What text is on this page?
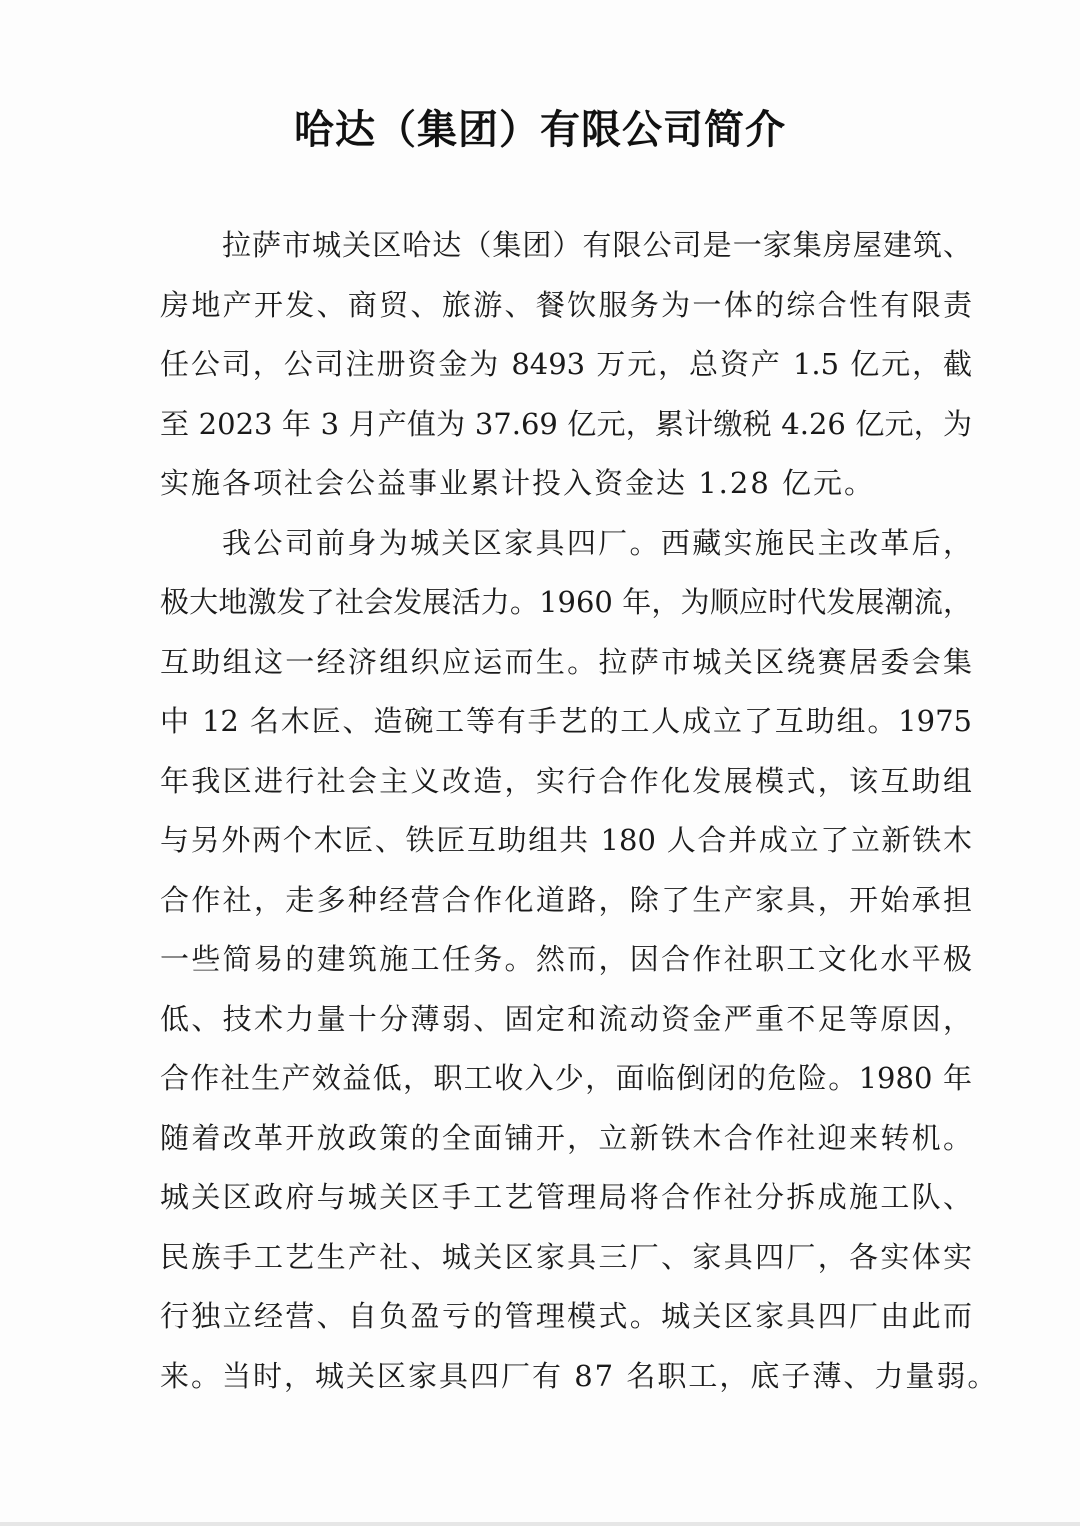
哈达（集团）有限公司简介
拉萨市城关区哈达（集团）有限公司是一家集房屋建筑、
房地产开发、商贸、旅游、餐饮服务为一体的综合性有限责
任公司，公司注册资金为 8493 万元，总资产 1.5 亿元，截
至 2023 年 3 月产值为 37.69 亿元，累计缴税 4.26 亿元，为
实施各项社会公益事业累计投入资金达 1.28 亿元。
我公司前身为城关区家具四厂。西藏实施民主改革后，
极大地激发了社会发展活力。1960 年，为顺应时代发展潮流，
互助组这一经济组织应运而生。拉萨市城关区绕赛居委会集
中 12 名木匠、造碗工等有手艺的工人成立了互助组。1975
年我区进行社会主义改造，实行合作化发展模式，该互助组
与另外两个木匠、铁匠互助组共 180 人合并成立了立新铁木
合作社，走多种经营合作化道路，除了生产家具，开始承担
一些简易的建筑施工任务。然而，因合作社职工文化水平极
低、技术力量十分薄弱、固定和流动资金严重不足等原因，
合作社生产效益低，职工收入少，面临倒闭的危险。1980 年
随着改革开放政策的全面铺开，立新铁木合作社迎来转机。
城关区政府与城关区手工艺管理局将合作社分拆成施工队、
民族手工艺生产社、城关区家具三厂、家具四厂，各实体实
行独立经营、自负盈亏的管理模式。城关区家具四厂由此而
来。当时，城关区家具四厂有 87 名职工，底子薄、力量弱。
